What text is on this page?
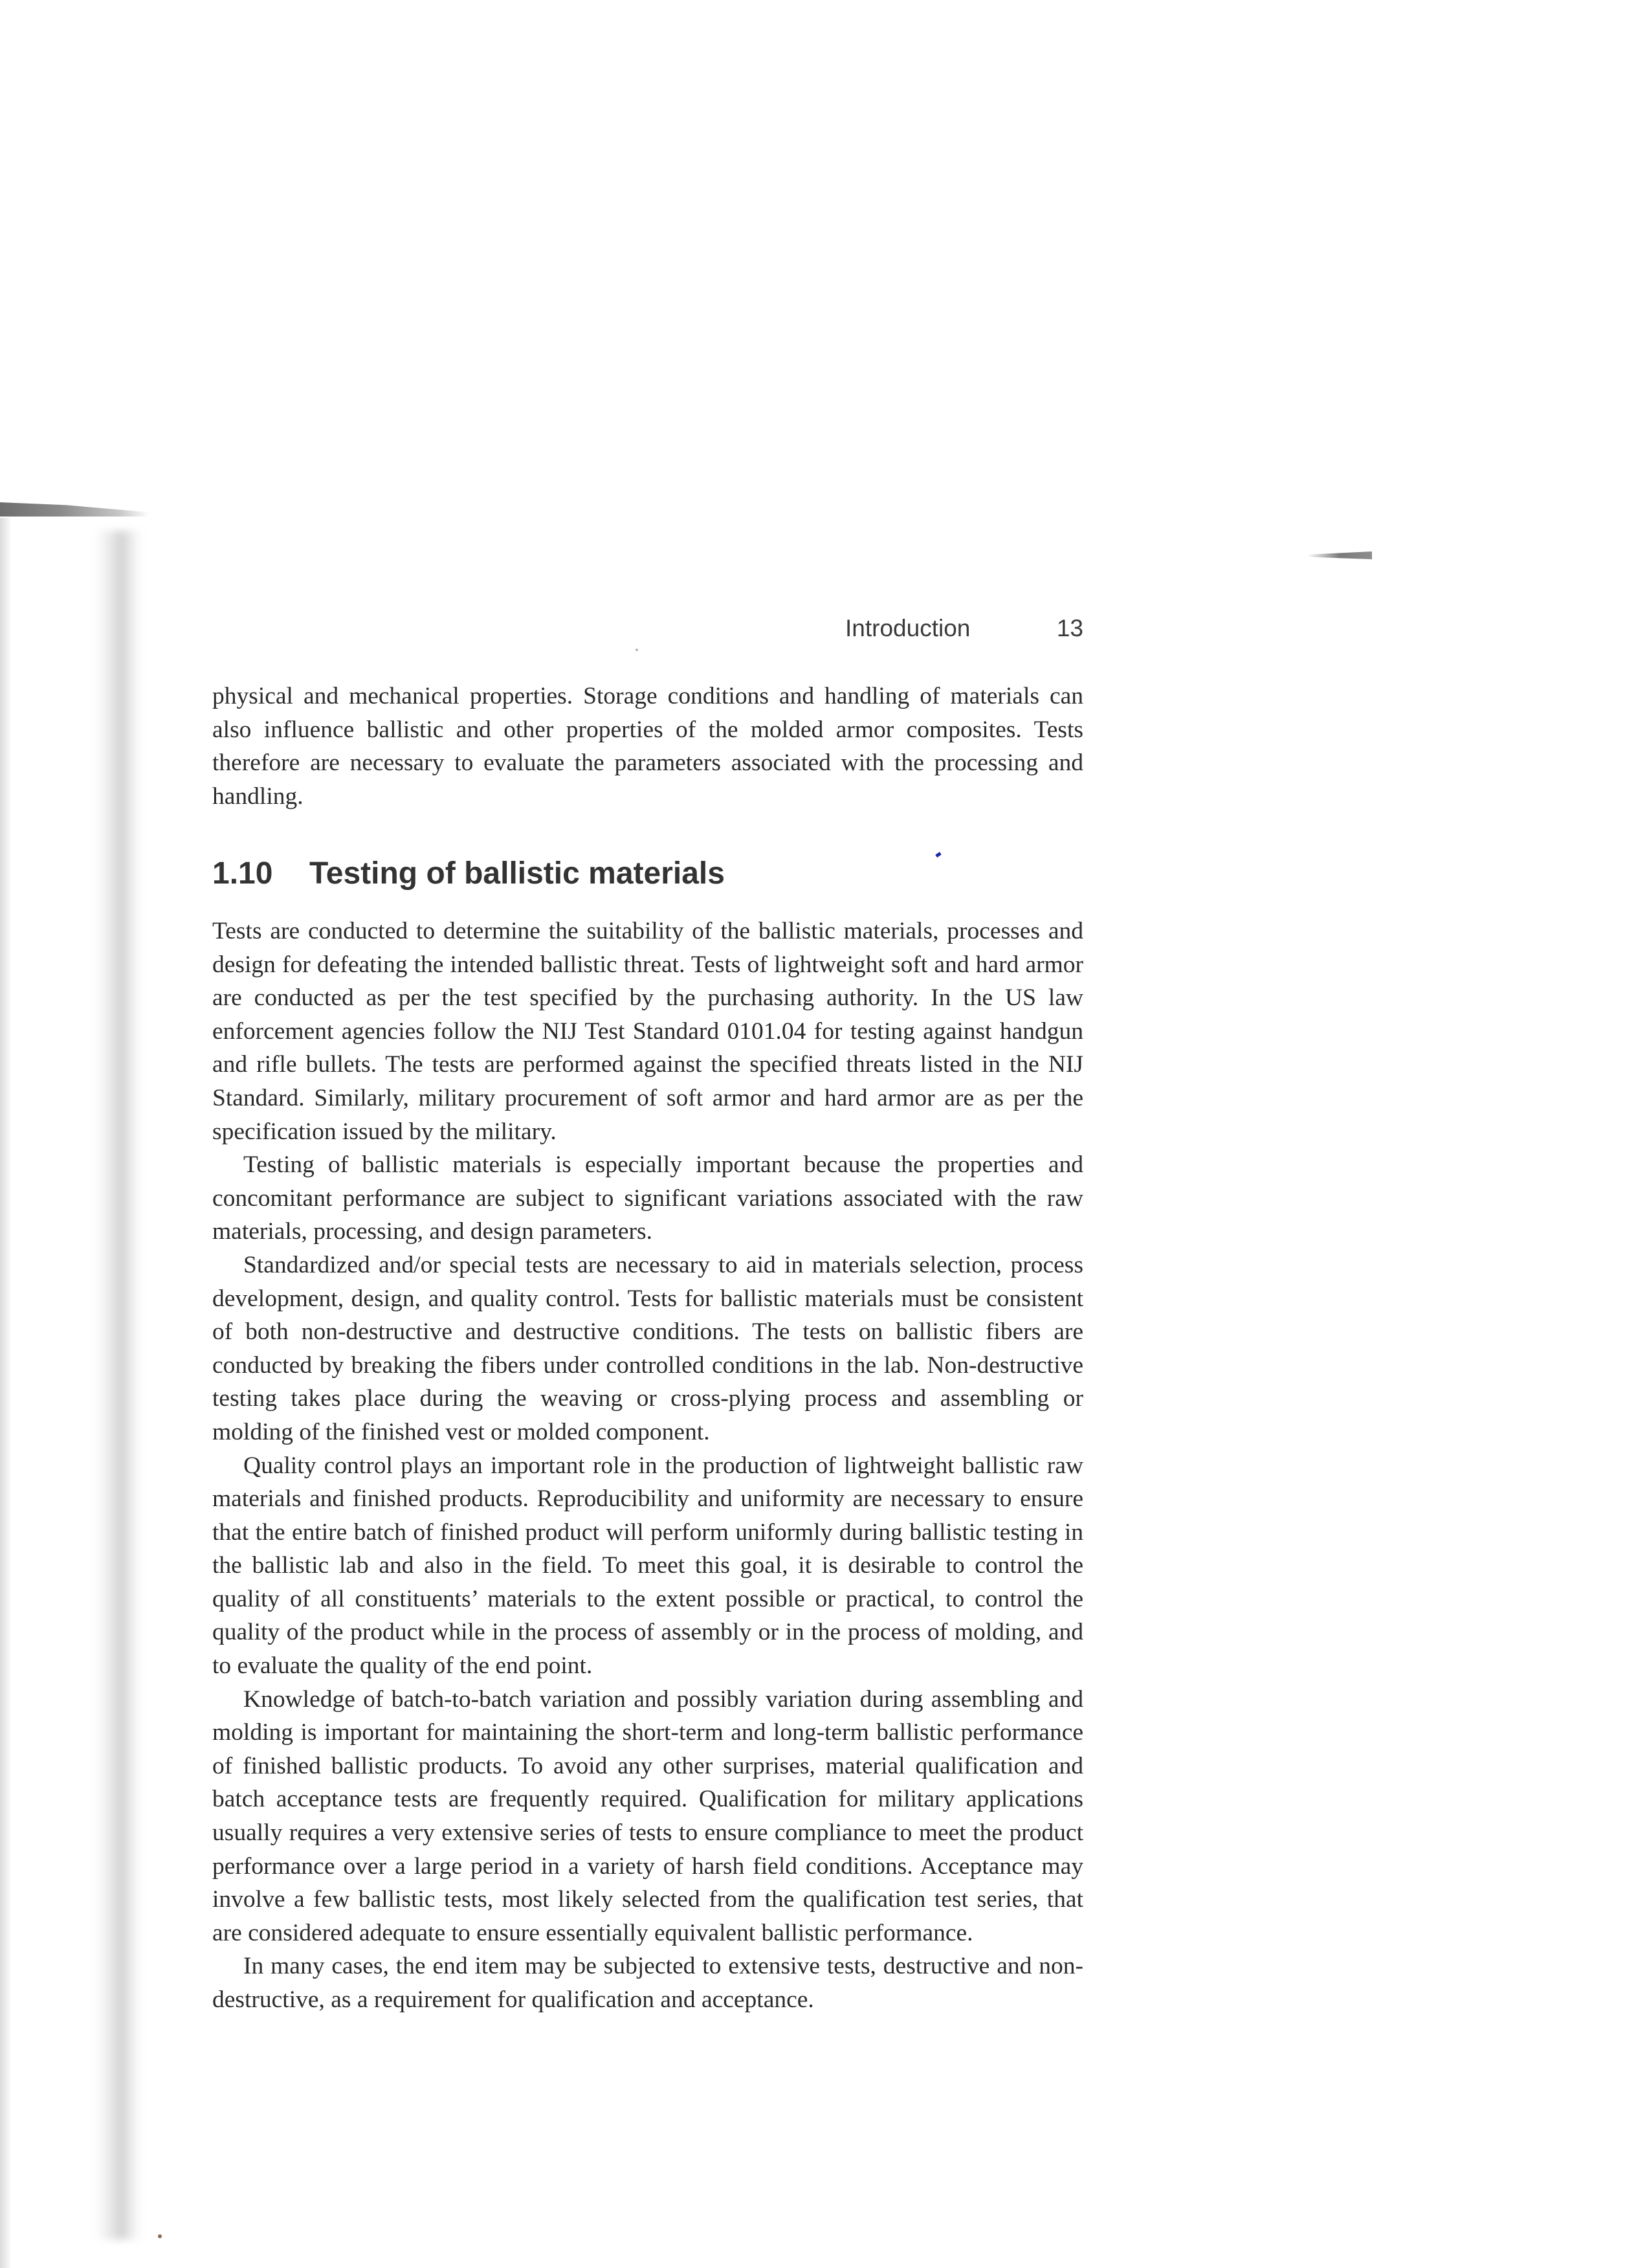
Introduction	13

physical and mechanical properties. Storage conditions and handling of materials can also influence ballistic and other properties of the molded armor composites. Tests therefore are necessary to evaluate the parameters associated with the processing and handling.

1.10 Testing of ballistic materials

Tests are conducted to determine the suitability of the ballistic materials, processes and design for defeating the intended ballistic threat. Tests of lightweight soft and hard armor are conducted as per the test specified by the purchasing authority. In the US law enforcement agencies follow the NIJ Test Standard 0101.04 for testing against handgun and rifle bullets. The tests are performed against the specified threats listed in the NIJ Standard. Similarly, military procurement of soft armor and hard armor are as per the specification issued by the military.

Testing of ballistic materials is especially important because the properties and concomitant performance are subject to significant variations associated with the raw materials, processing, and design parameters.

Standardized and/or special tests are necessary to aid in materials selection, process development, design, and quality control. Tests for ballistic materials must be consistent of both non-destructive and destructive conditions. The tests on ballistic fibers are conducted by breaking the fibers under controlled conditions in the lab. Non-destructive testing takes place during the weaving or cross-plying process and assembling or molding of the finished vest or molded component.

Quality control plays an important role in the production of lightweight ballistic raw materials and finished products. Reproducibility and uniformity are necessary to ensure that the entire batch of finished product will perform uniformly during ballistic testing in the ballistic lab and also in the field. To meet this goal, it is desirable to control the quality of all constituents’ materials to the extent possible or practical, to control the quality of the product while in the process of assembly or in the process of molding, and to evaluate the quality of the end point.

Knowledge of batch-to-batch variation and possibly variation during assembling and molding is important for maintaining the short-term and long-term ballistic performance of finished ballistic products. To avoid any other surprises, material qualification and batch acceptance tests are frequently required. Qualification for military applications usually requires a very extensive series of tests to ensure compliance to meet the product performance over a large period in a variety of harsh field conditions. Acceptance may involve a few ballistic tests, most likely selected from the qualification test series, that are considered adequate to ensure essentially equivalent ballistic performance.

In many cases, the end item may be subjected to extensive tests, destructive and non-destructive, as a requirement for qualification and acceptance.
